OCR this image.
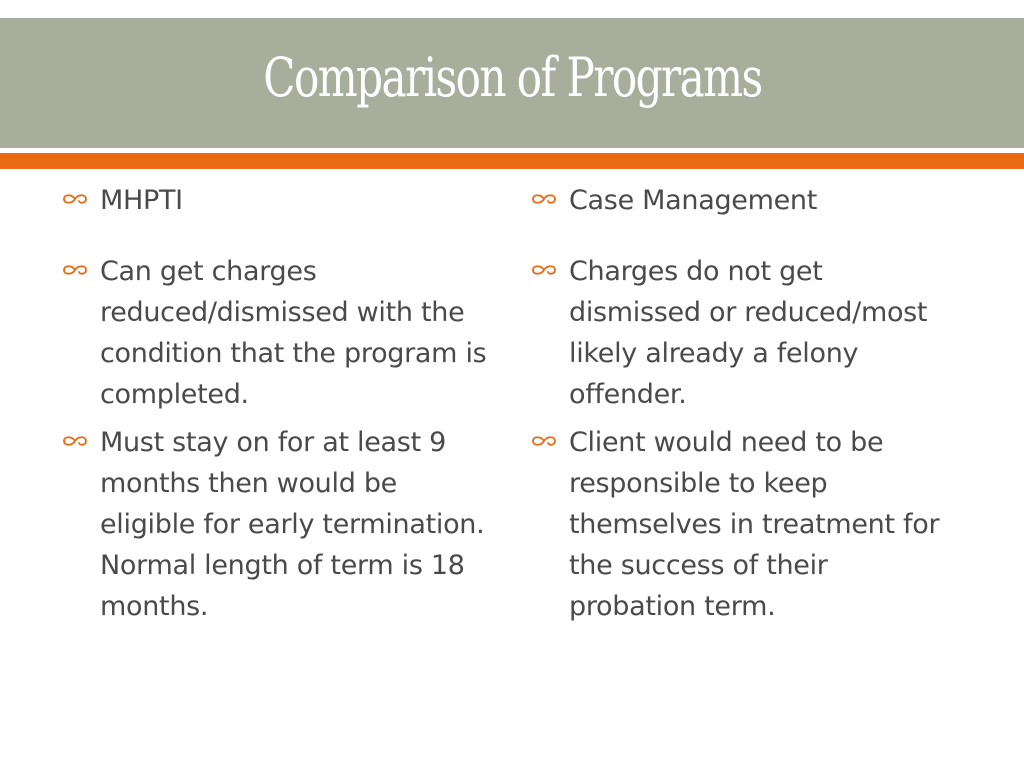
Comparison of Programs
MHPTI
Can get charges reduced/dismissed with the condition that the program is completed.
Must stay on for at least 9 months then would be eligible for early termination. Normal length of term is 18 months.
Case Management
Charges do not get dismissed or reduced/most likely already a felony offender.
Client would need to be responsible to keep themselves in treatment for the success of their probation term.
